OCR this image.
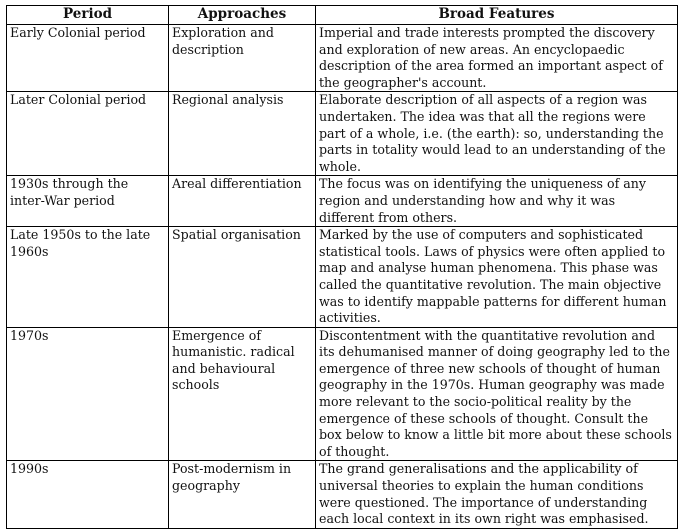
Period	Approaches	Broad Features
Early Colonial period	Exploration and description	Imperial and trade interests prompted the discovery and exploration of new areas. An encyclopaedic description of the area formed an important aspect of the geographer's account.
Later Colonial period	Regional analysis	Elaborate description of all aspects of a region was undertaken. The idea was that all the regions were part of a whole, i.e. (the earth): so, understanding the parts in totality would lead to an understanding of the whole.
1930s through the inter-War period	Areal differentiation	The focus was on identifying the uniqueness of any region and understanding how and why it was different from others.
Late 1950s to the late 1960s	Spatial organisation	Marked by the use of computers and sophisticated statistical tools. Laws of physics were often applied to map and analyse human phenomena. This phase was called the quantitative revolution. The main objective was to identify mappable patterns for different human activities.
1970s	Emergence of humanistic. radical and behavioural schools	Discontentment with the quantitative revolution and its dehumanised manner of doing geography led to the emergence of three new schools of thought of human geography in the 1970s. Human geography was made more relevant to the socio-political reality by the emergence of these schools of thought. Consult the box below to know a little bit more about these schools of thought.
1990s	Post-modernism in geography	The grand generalisations and the applicability of universal theories to explain the human conditions were questioned. The importance of understanding each local context in its own right was emphasised.
